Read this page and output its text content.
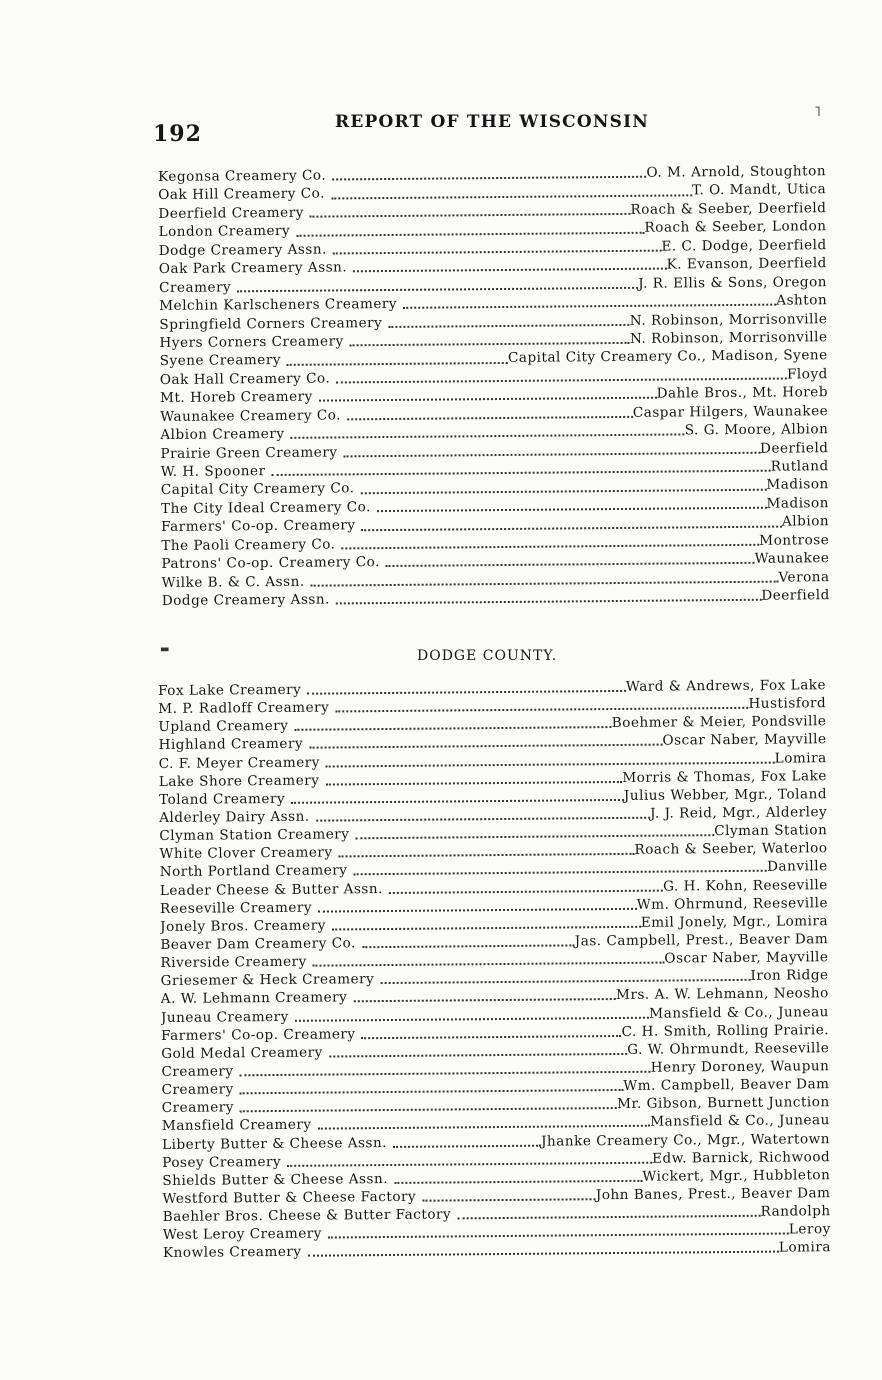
192	REPORT OF THE WISCONSIN	˥
Kegonsa Creamery Co.	O. M. Arnold, Stoughton
Oak Hill Creamery Co.	T. O. Mandt, Utica
Deerfield Creamery	Roach & Seeber, Deerfield
London Creamery	Roach & Seeber, London
Dodge Creamery Assn.	E. C. Dodge, Deerfield
Oak Park Creamery Assn.	K. Evanson, Deerfield
Creamery	J. R. Ellis & Sons, Oregon
Melchin Karlscheners Creamery	Ashton
Springfield Corners Creamery	N. Robinson, Morrisonville
Hyers Corners Creamery	N. Robinson, Morrisonville
Syene Creamery	Capital City Creamery Co., Madison, Syene
Oak Hall Creamery Co.	Floyd
Mt. Horeb Creamery	Dahle Bros., Mt. Horeb
Waunakee Creamery Co.	Caspar Hilgers, Waunakee
Albion Creamery	S. G. Moore, Albion
Prairie Green Creamery	Deerfield
W. H. Spooner	Rutland
Capital City Creamery Co.	Madison
The City Ideal Creamery Co.	Madison
Farmers' Co-op. Creamery	Albion
The Paoli Creamery Co.	Montrose
Patrons' Co-op. Creamery Co.	Waunakee
Wilke B. & C. Assn.	Verona
Dodge Creamery Assn.	Deerfield
▬	DODGE COUNTY.
Fox Lake Creamery	Ward & Andrews, Fox Lake
M. P. Radloff Creamery	Hustisford
Upland Creamery	Boehmer & Meier, Pondsville
Highland Creamery	Oscar Naber, Mayville
C. F. Meyer Creamery	Lomira
Lake Shore Creamery	Morris & Thomas, Fox Lake
Toland Creamery	Julius Webber, Mgr., Toland
Alderley Dairy Assn.	J. J. Reid, Mgr., Alderley
Clyman Station Creamery	Clyman Station
White Clover Creamery	Roach & Seeber, Waterloo
North Portland Creamery	Danville
Leader Cheese & Butter Assn.	G. H. Kohn, Reeseville
Reeseville Creamery	Wm. Ohrmund, Reeseville
Jonely Bros. Creamery	Emil Jonely, Mgr., Lomira
Beaver Dam Creamery Co.	Jas. Campbell, Prest., Beaver Dam
Riverside Creamery	Oscar Naber, Mayville
Griesemer & Heck Creamery	Iron Ridge
A. W. Lehmann Creamery	Mrs. A. W. Lehmann, Neosho
Juneau Creamery	Mansfield & Co., Juneau
Farmers' Co-op. Creamery	C. H. Smith, Rolling Prairie.
Gold Medal Creamery	G. W. Ohrmundt, Reeseville
Creamery	Henry Doroney, Waupun
Creamery	Wm. Campbell, Beaver Dam
Creamery	Mr. Gibson, Burnett Junction
Mansfield Creamery	Mansfield & Co., Juneau
Liberty Butter & Cheese Assn.	Jhanke Creamery Co., Mgr., Watertown
Posey Creamery	Edw. Barnick, Richwood
Shields Butter & Cheese Assn.	Wickert, Mgr., Hubbleton
Westford Butter & Cheese Factory	John Banes, Prest., Beaver Dam
Baehler Bros. Cheese & Butter Factory	Randolph
West Leroy Creamery	Leroy
Knowles Creamery	Lomira
